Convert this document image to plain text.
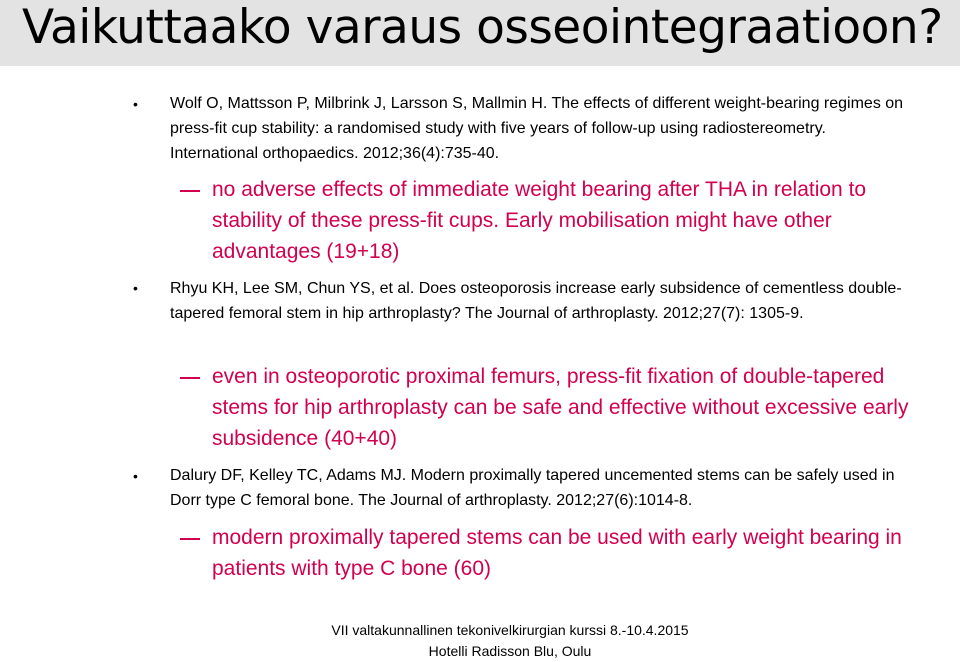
Vaikuttaako varaus osseointegraatioon?
• Wolf O, Mattsson P, Milbrink J, Larsson S, Mallmin H. The effects of different weight-bearing regimes on press-fit cup stability: a randomised study with five years of follow-up using radiostereometry. International orthopaedics. 2012;36(4):735-40.
no adverse effects of immediate weight bearing after THA in relation to stability of these press-fit cups. Early mobilisation might have other advantages (19+18)
• Rhyu KH, Lee SM, Chun YS, et al. Does osteoporosis increase early subsidence of cementless double-tapered femoral stem in hip arthroplasty? The Journal of arthroplasty. 2012;27(7): 1305-9.
even in osteoporotic proximal femurs, press-fit fixation of double-tapered stems for hip arthroplasty can be safe and effective without excessive early subsidence (40+40)
• Dalury DF, Kelley TC, Adams MJ. Modern proximally tapered uncemented stems can be safely used in Dorr type C femoral bone. The Journal of arthroplasty. 2012;27(6):1014-8.
modern proximally tapered stems can be used with early weight bearing in patients with type C bone (60)
VII valtakunnallinen tekonivelkirurgian kurssi 8.-10.4.2015
Hotelli Radisson Blu, Oulu
